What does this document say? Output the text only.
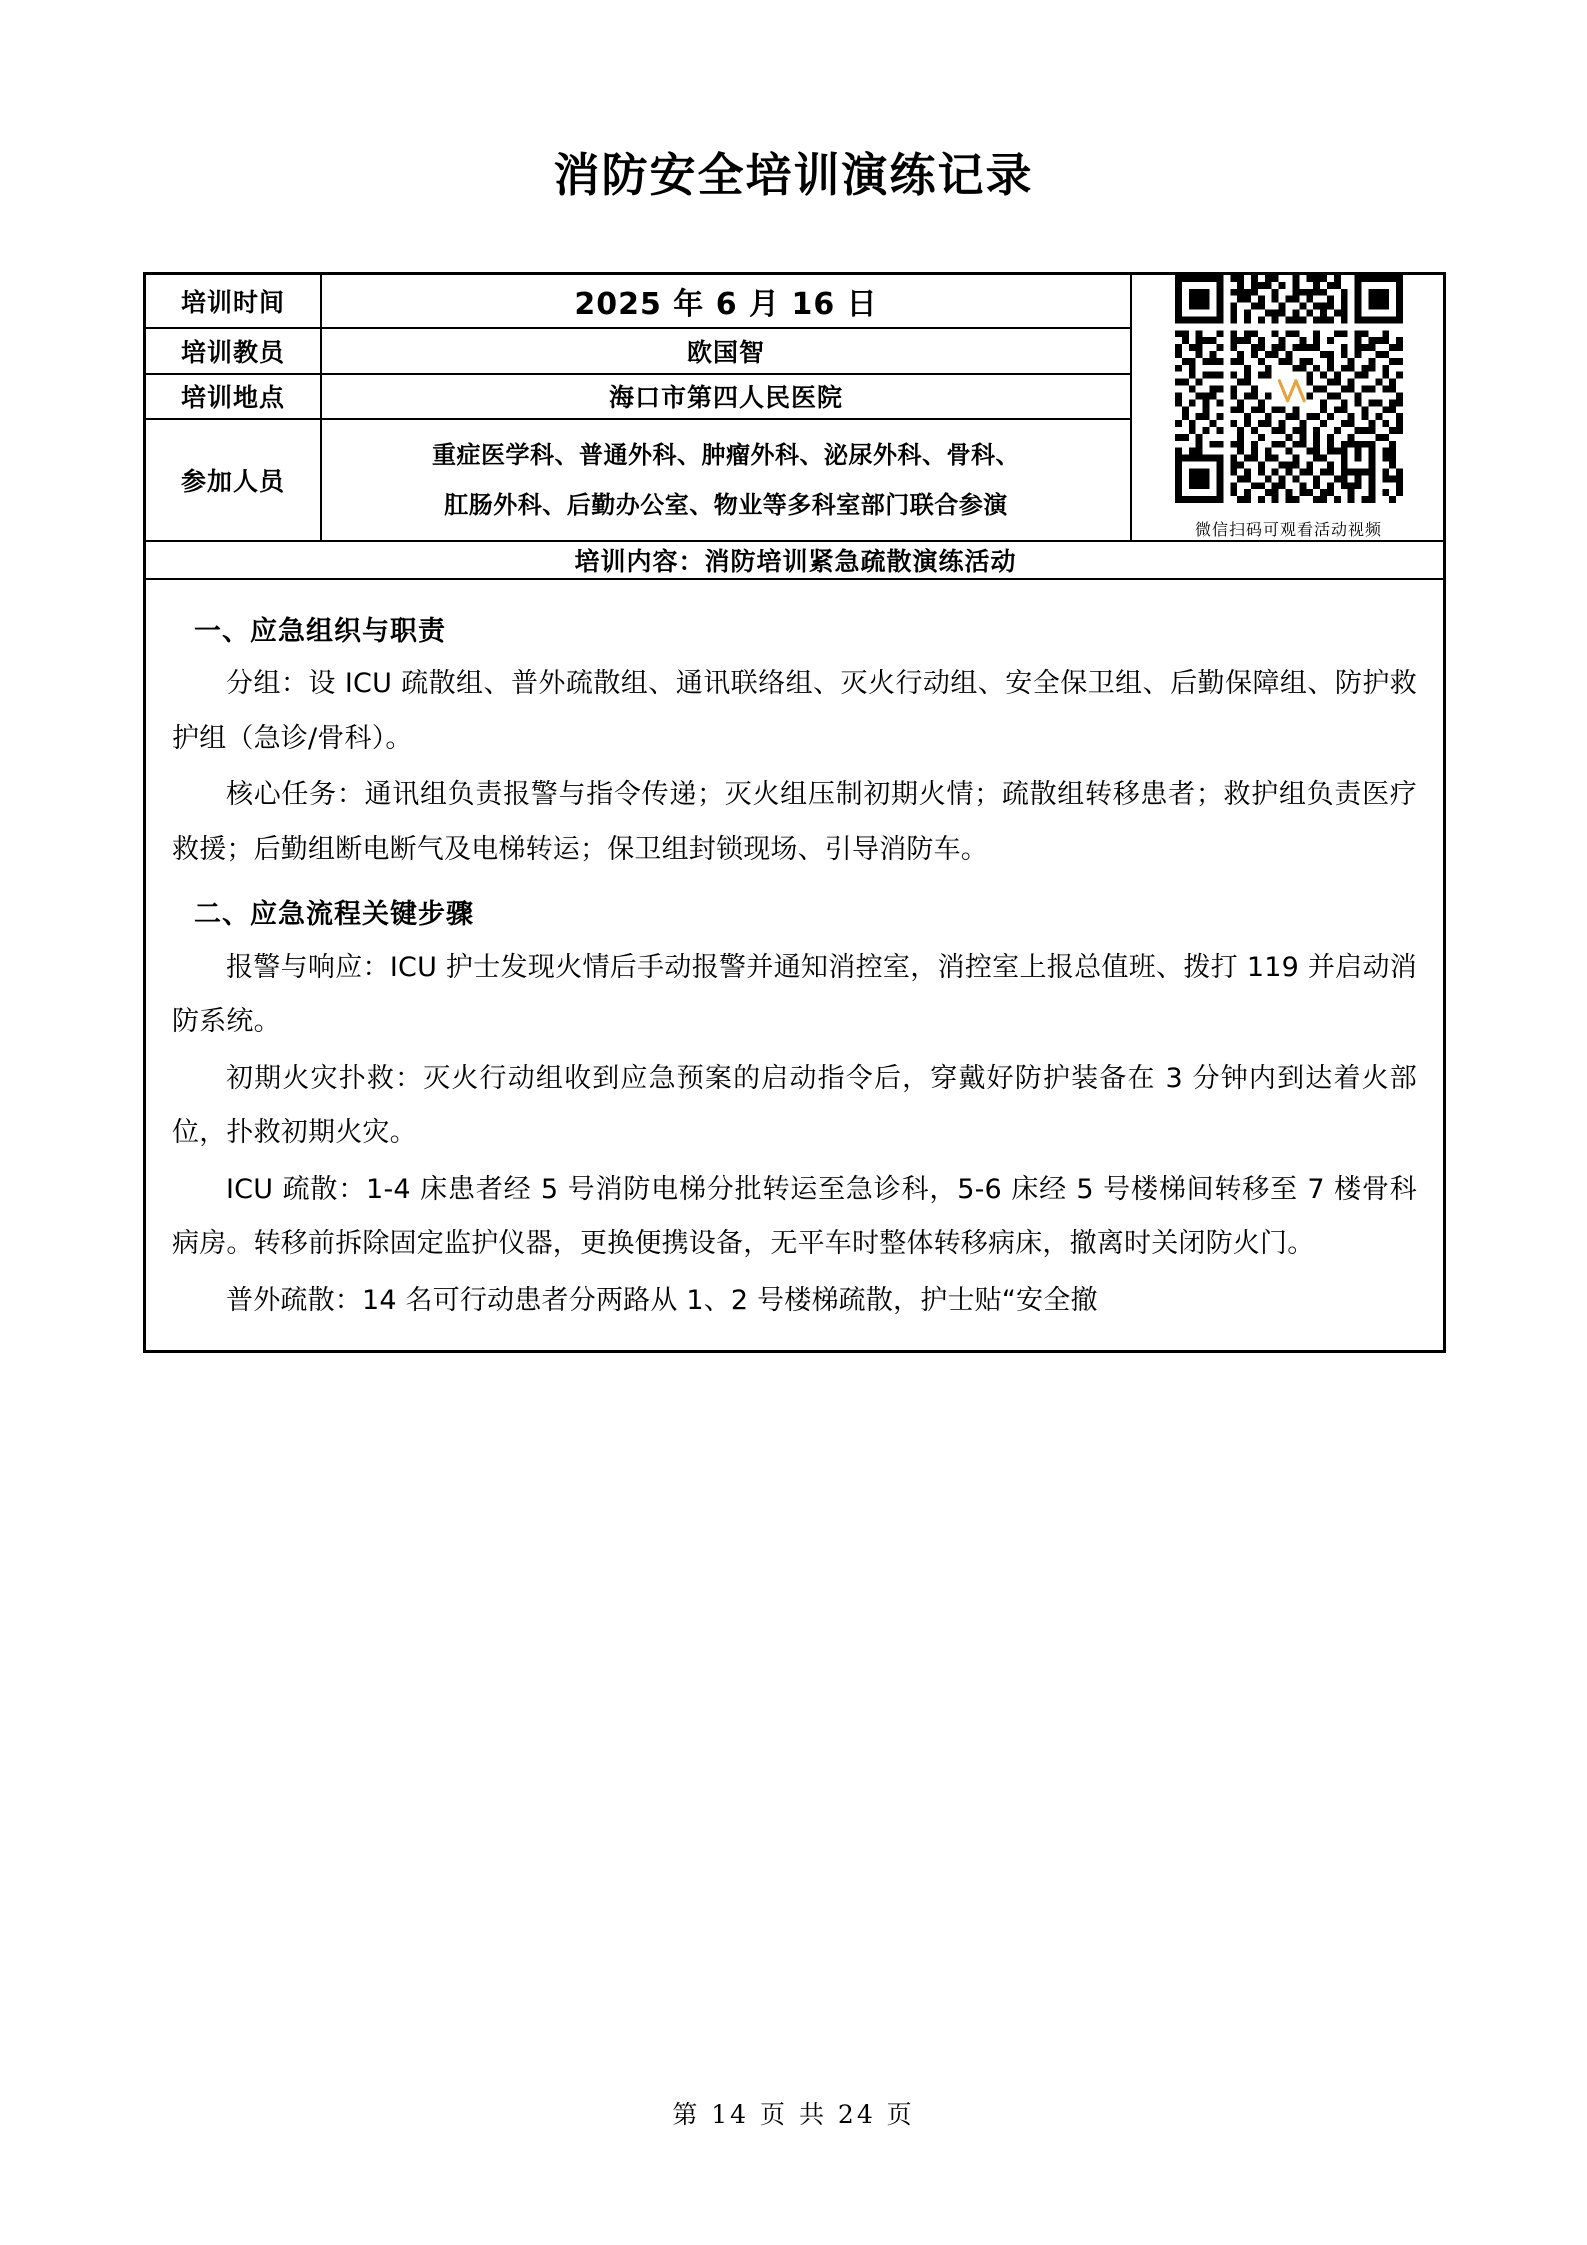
消防安全培训演练记录
培训时间	2025 年 6 月 16 日	微信扫码可观看活动视频

培训教员	欧国智	
培训地点	海口市第四人民医院	
参加人员	重症医学科、普通外科、肿瘤外科、泌尿外科、骨科、
肛肠外科、后勤办公室、物业等多科室部门联合参演	

培训内容：消防培训紧急疏散演练活动		
一、应急组织与职责

分组：设 ICU 疏散组、普外疏散组、通讯联络组、灭火行动组、安全保卫组、后勤保障组、防护救护组（急诊/骨科）。

核心任务：通讯组负责报警与指令传递；灭火组压制初期火情；疏散组转移患者；救护组负责医疗救援；后勤组断电断气及电梯转运；保卫组封锁现场、引导消防车。

二、应急流程关键步骤

报警与响应：ICU 护士发现火情后手动报警并通知消控室，消控室上报总值班、拨打 119 并启动消防系统。

初期火灾扑救：灭火行动组收到应急预案的启动指令后，穿戴好防护装备在 3 分钟内到达着火部位，扑救初期火灾。

ICU 疏散：1-4 床患者经 5 号消防电梯分批转运至急诊科，5-6 床经 5 号楼梯间转移至 7 楼骨科病房。转移前拆除固定监护仪器，更换便携设备，无平车时整体转移病床，撤离时关闭防火门。

普外疏散：14 名可行动患者分两路从 1、2 号楼梯疏散，护士贴“安全撤

第 14 页 共 24 页
